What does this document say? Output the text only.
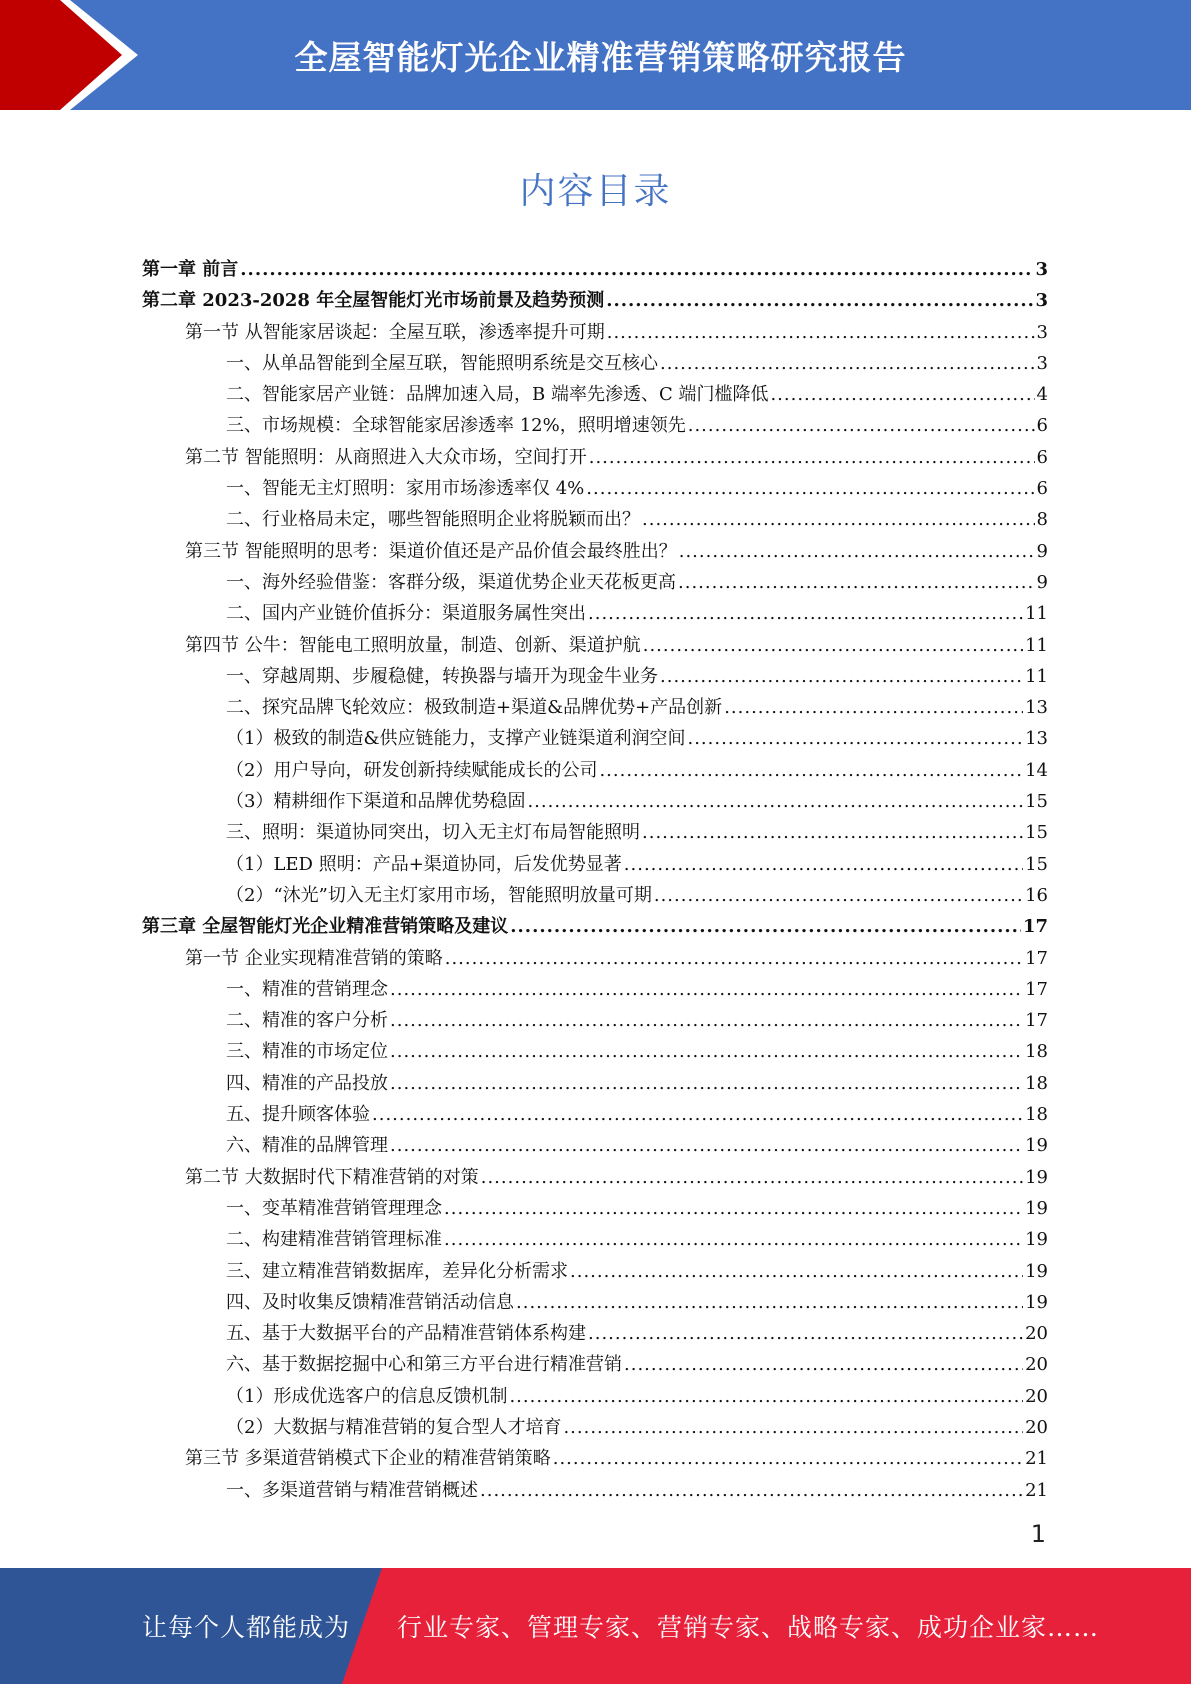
全屋智能灯光企业精准营销策略研究报告
内容目录
第一章 前言 .....	3
第二章 2023-2028 年全屋智能灯光市场前景及趋势预测 .....	3
第一节 从智能家居谈起：全屋互联，渗透率提升可期 .....	3
一、从单品智能到全屋互联，智能照明系统是交互核心 .....	3
二、智能家居产业链：品牌加速入局，B 端率先渗透、C 端门槛降低 .....	4
三、市场规模：全球智能家居渗透率 12%，照明增速领先 .....	6
第二节 智能照明：从商照进入大众市场，空间打开 .....	6
一、智能无主灯照明：家用市场渗透率仅 4% .....	6
二、行业格局未定，哪些智能照明企业将脱颖而出？ .....	8
第三节 智能照明的思考：渠道价值还是产品价值会最终胜出？ .....	9
一、海外经验借鉴：客群分级，渠道优势企业天花板更高 .....	9
二、国内产业链价值拆分：渠道服务属性突出 .....	11
第四节 公牛：智能电工照明放量，制造、创新、渠道护航 .....	11
一、穿越周期、步履稳健，转换器与墙开为现金牛业务 .....	11
二、探究品牌飞轮效应：极致制造+渠道&品牌优势+产品创新 .....	13
（1）极致的制造&供应链能力，支撑产业链渠道利润空间 .....	13
（2）用户导向，研发创新持续赋能成长的公司 .....	14
（3）精耕细作下渠道和品牌优势稳固 .....	15
三、照明：渠道协同突出，切入无主灯布局智能照明 .....	15
（1）LED 照明：产品+渠道协同，后发优势显著 .....	15
（2）“沐光”切入无主灯家用市场，智能照明放量可期 .....	16
第三章 全屋智能灯光企业精准营销策略及建议 .....	17
第一节 企业实现精准营销的策略 .....	17
一、精准的营销理念 .....	17
二、精准的客户分析 .....	17
三、精准的市场定位 .....	18
四、精准的产品投放 .....	18
五、提升顾客体验 .....	18
六、精准的品牌管理 .....	19
第二节 大数据时代下精准营销的对策 .....	19
一、变革精准营销管理理念 .....	19
二、构建精准营销管理标准 .....	19
三、建立精准营销数据库，差异化分析需求 .....	19
四、及时收集反馈精准营销活动信息 .....	19
五、基于大数据平台的产品精准营销体系构建 .....	20
六、基于数据挖掘中心和第三方平台进行精准营销 .....	20
（1）形成优选客户的信息反馈机制 .....	20
（2）大数据与精准营销的复合型人才培育 .....	20
第三节 多渠道营销模式下企业的精准营销策略 .....	21
一、多渠道营销与精准营销概述 .....	21
1
让每个人都能成为 行业专家、管理专家、营销专家、战略专家、成功企业家……
